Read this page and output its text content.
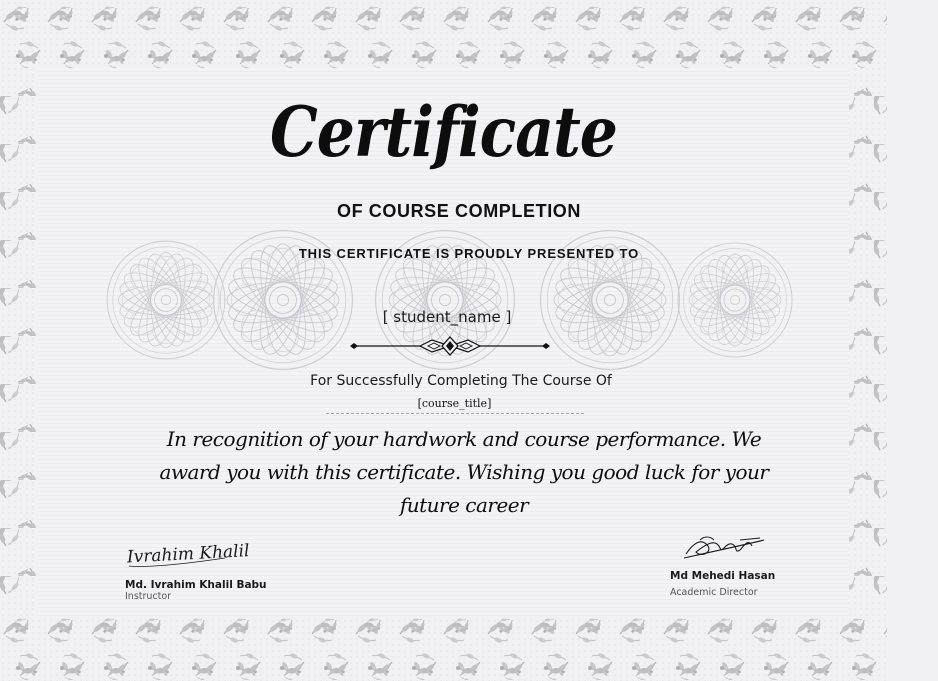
Certificate
OF COURSE COMPLETION
THIS CERTIFICATE IS PROUDLY PRESENTED TO
[ student_name ]
For Successfully Completing The Course Of
[course_title]
In recognition of your hardwork and course performance. We award you with this certificate. Wishing you good luck for your future career
Ivrahim Khalil
Md. Ivrahim Khalil Babu
Instructor
Md Mehedi Hasan
Academic Director
